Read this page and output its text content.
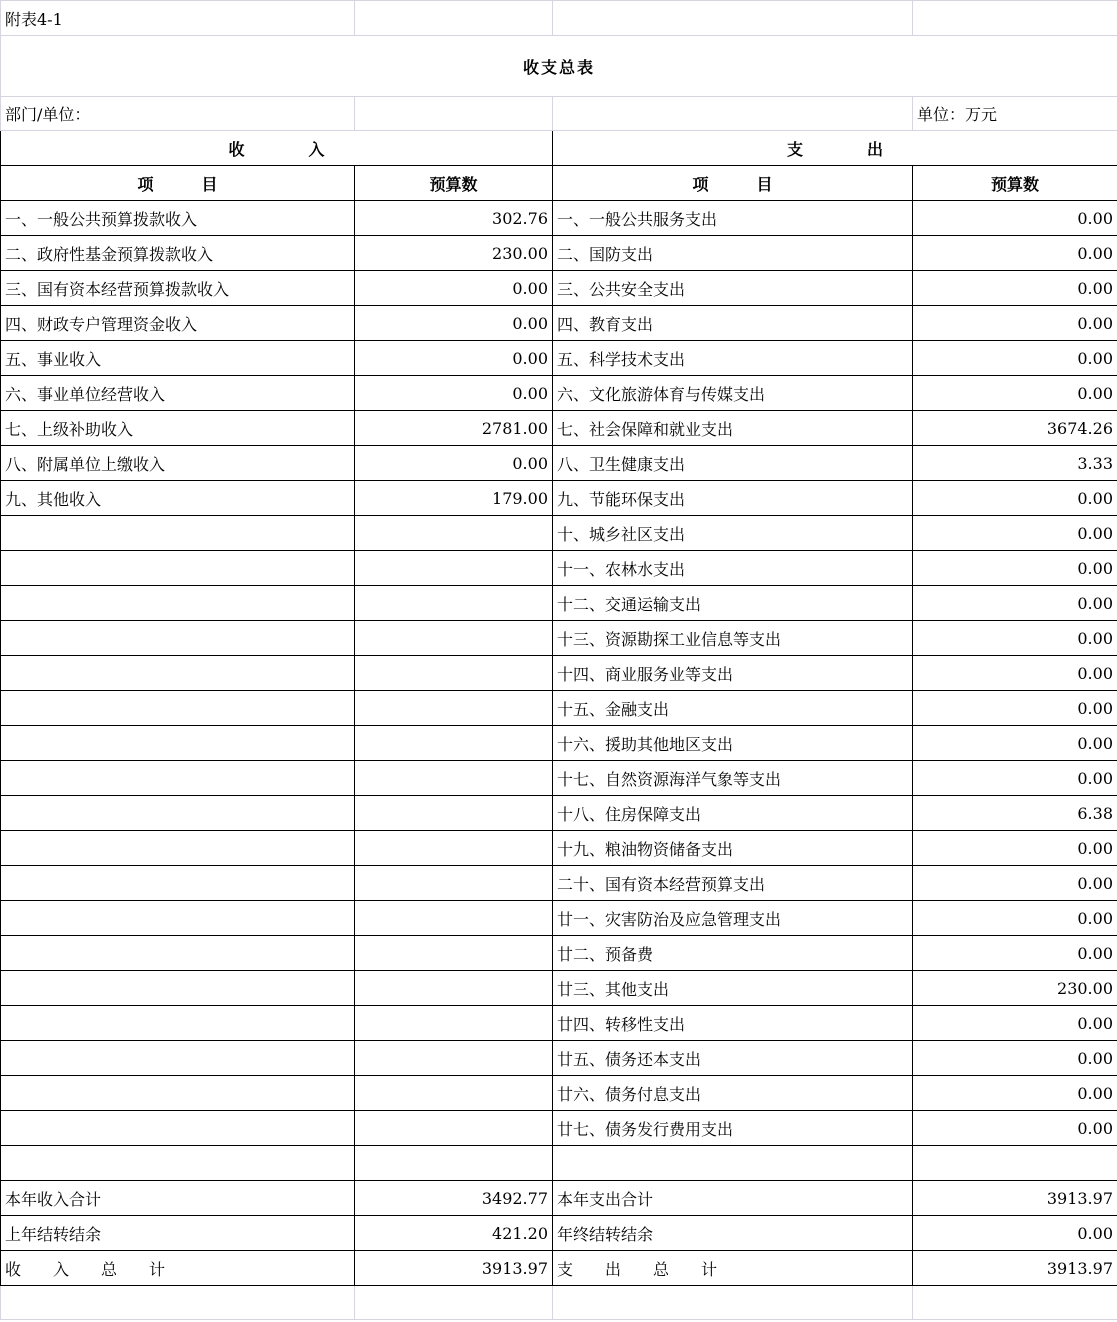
附表4-1			
收支总表			
部门/单位：			单位：万元
收　　　　入		支　　　　出	
项　　　目	预算数	项　　　目	预算数
一、一般公共预算拨款收入	302.76	一、一般公共服务支出	0.00
二、政府性基金预算拨款收入	230.00	二、国防支出	0.00
三、国有资本经营预算拨款收入	0.00	三、公共安全支出	0.00
四、财政专户管理资金收入	0.00	四、教育支出	0.00
五、事业收入	0.00	五、科学技术支出	0.00
六、事业单位经营收入	0.00	六、文化旅游体育与传媒支出	0.00
七、上级补助收入	2781.00	七、社会保障和就业支出	3674.26
八、附属单位上缴收入	0.00	八、卫生健康支出	3.33
九、其他收入	179.00	九、节能环保支出	0.00
		十、城乡社区支出	0.00
		十一、农林水支出	0.00
		十二、交通运输支出	0.00
		十三、资源勘探工业信息等支出	0.00
		十四、商业服务业等支出	0.00
		十五、金融支出	0.00
		十六、援助其他地区支出	0.00
		十七、自然资源海洋气象等支出	0.00
		十八、住房保障支出	6.38
		十九、粮油物资储备支出	0.00
		二十、国有资本经营预算支出	0.00
		廿一、灾害防治及应急管理支出	0.00
		廿二、预备费	0.00
		廿三、其他支出	230.00
		廿四、转移性支出	0.00
		廿五、债务还本支出	0.00
		廿六、债务付息支出	0.00
		廿七、债务发行费用支出	0.00

本年收入合计	3492.77	本年支出合计	3913.97
上年结转结余	421.20	年终结转结余	0.00
收　　入　　总　　计	3913.97	支　　出　　总　　计	3913.97
